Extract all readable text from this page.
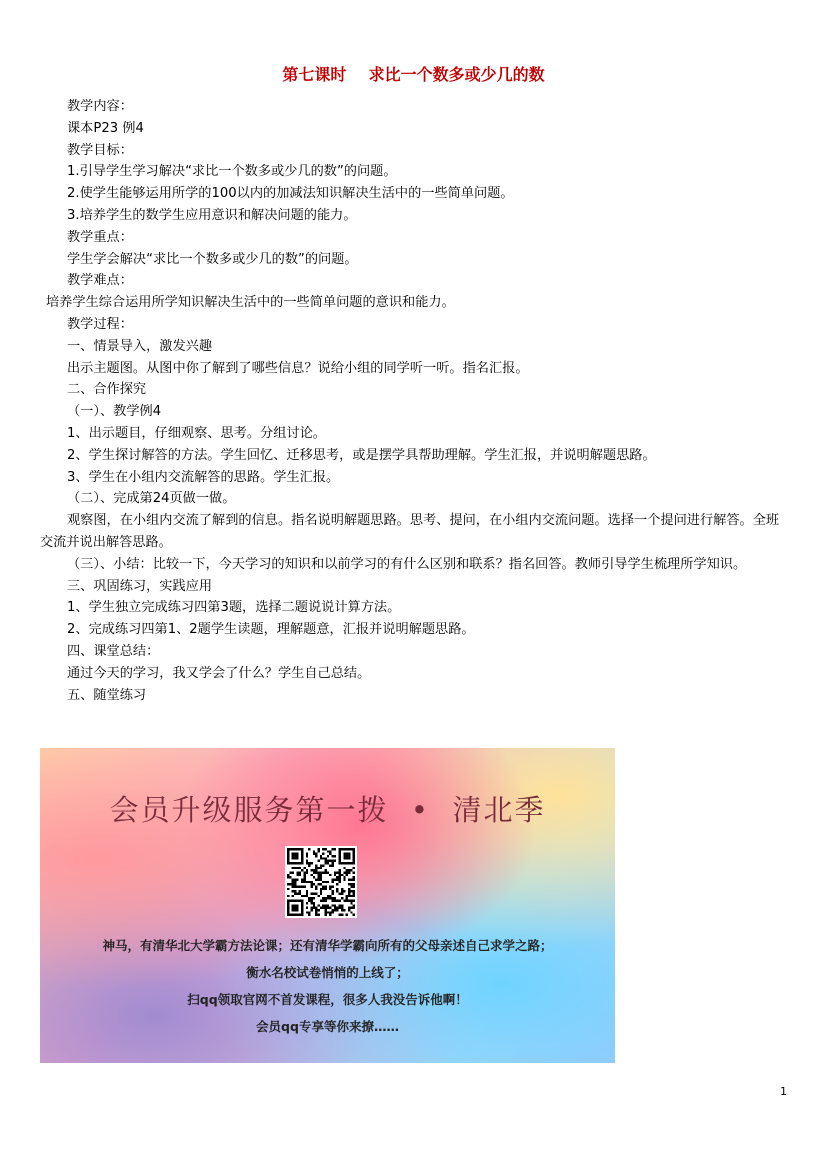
第七课时    求比一个数多或少几的数

教学内容：

课本P23 例4

教学目标：

1.引导学生学习解决“求比一个数多或少几的数”的问题。

2.使学生能够运用所学的100以内的加减法知识解决生活中的一些简单问题。

3.培养学生的数学生应用意识和解决问题的能力。

教学重点：

学生学会解决“求比一个数多或少几的数”的问题。

教学难点：

培养学生综合运用所学知识解决生活中的一些简单问题的意识和能力。

教学过程：

一、情景导入，激发兴趣

出示主题图。从图中你了解到了哪些信息？说给小组的同学听一听。指名汇报。

二、合作探究

（一）、教学例4

1、出示题目，仔细观察、思考。分组讨论。

2、学生探讨解答的方法。学生回忆、迁移思考，或是摆学具帮助理解。学生汇报，并说明解题思路。

3、学生在小组内交流解答的思路。学生汇报。

（二）、完成第24页做一做。

观察图，在小组内交流了解到的信息。指名说明解题思路。思考、提问，在小组内交流问题。选择一个提问进行解答。全班交流并说出解答思路。

（三）、小结：比较一下，今天学习的知识和以前学习的有什么区别和联系？指名回答。教师引导学生梳理所学知识。

三、巩固练习，实践应用

1、学生独立完成练习四第3题，选择二题说说计算方法。

2、完成练习四第1、2题学生读题，理解题意，汇报并说明解题思路。

四、课堂总结：

通过今天的学习，我又学会了什么？学生自己总结。

五、随堂练习

会员升级服务第一拨  •  清北季
神马，有清华北大学霸方法论课；还有清华学霸向所有的父母亲述自己求学之路；
衡水名校试卷悄悄的上线了；
扫qq领取官网不首发课程，很多人我没告诉他啊！
会员qq专享等你来撩……
1
